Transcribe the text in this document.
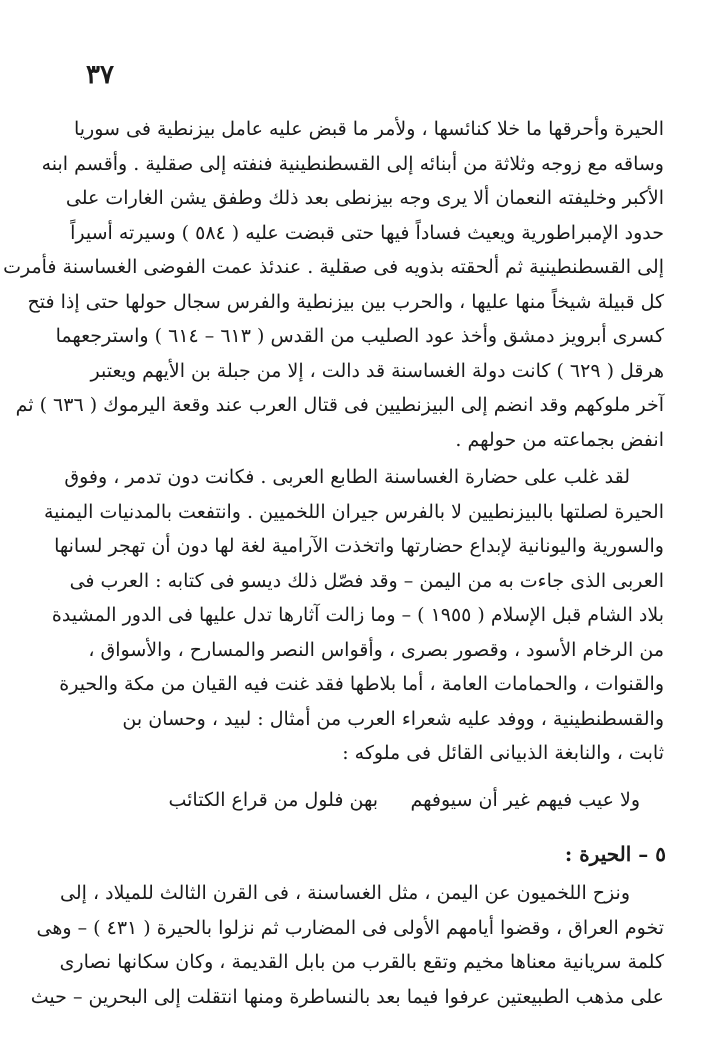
٣٧
الحيرة وأحرقها ما خلا كنائسها ، ولأمر ما قبض عليه عامل بيزنطية فى سوريا
وساقه مع زوجه وثلاثة من أبنائه إلى القسطنطينية فنفته إلى صقلية . وأقسم ابنه
الأكبر وخليفته النعمان ألا يرى وجه بيزنطى بعد ذلك وطفق يشن الغارات على
حدود الإمبراطورية ويعيث فساداً فيها حتى قبضت عليه ( ٥٨٤ ) وسيرته أسيراً
إلى القسطنطينية ثم ألحقته بذويه فى صقلية . عندئذ عمت الفوضى الغساسنة فأمرت
كل قبيلة شيخاً منها عليها ، والحرب بين بيزنطية والفرس سجال حولها حتى إذا فتح
كسرى أبرويز دمشق وأخذ عود الصليب من القدس ( ٦١٣ – ٦١٤ ) واسترجعهما
هرقل ( ٦٢٩ ) كانت دولة الغساسنة قد دالت ، إلا من جبلة بن الأيهم ويعتبر
آخر ملوكهم وقد انضم إلى البيزنطيين فى قتال العرب عند وقعة اليرموك ( ٦٣٦ ) ثم
انفض بجماعته من حولهم .
لقد غلب على حضارة الغساسنة الطابع العربى . فكانت دون تدمر ، وفوق
الحيرة لصلتها بالبيزنطيين لا بالفرس جيران اللخميين . وانتفعت بالمدنيات اليمنية
والسورية واليونانية لإبداع حضارتها واتخذت الآرامية لغة لها دون أن تهجر لسانها
العربى الذى جاءت به من اليمن – وقد فصّل ذلك ديسو فى كتابه : العرب فى
بلاد الشام قبل الإسلام ( ١٩٥٥ ) – وما زالت آثارها تدل عليها فى الدور المشيدة
من الرخام الأسود ، وقصور بصرى ، وأقواس النصر والمسارح ، والأسواق ،
والقنوات ، والحمامات العامة ، أما بلاطها فقد غنت فيه القيان من مكة والحيرة
والقسطنطينية ، ووفد عليه شعراء العرب من أمثال : لبيد ، وحسان بن
ثابت ، والنابغة الذبيانى القائل فى ملوكه :
ولا عيب فيهم غير أن سيوفهم
بهن فلول من قراع الكتائب
٥ – الحيرة :
ونزح اللخميون عن اليمن ، مثل الغساسنة ، فى القرن الثالث للميلاد ، إلى
تخوم العراق ، وقضوا أيامهم الأولى فى المضارب ثم نزلوا بالحيرة ( ٤٣١ ) – وهى
كلمة سريانية معناها مخيم وتقع بالقرب من بابل القديمة ، وكان سكانها نصارى
على مذهب الطبيعتين عرفوا فيما بعد بالنساطرة ومنها انتقلت إلى البحرين – حيث
